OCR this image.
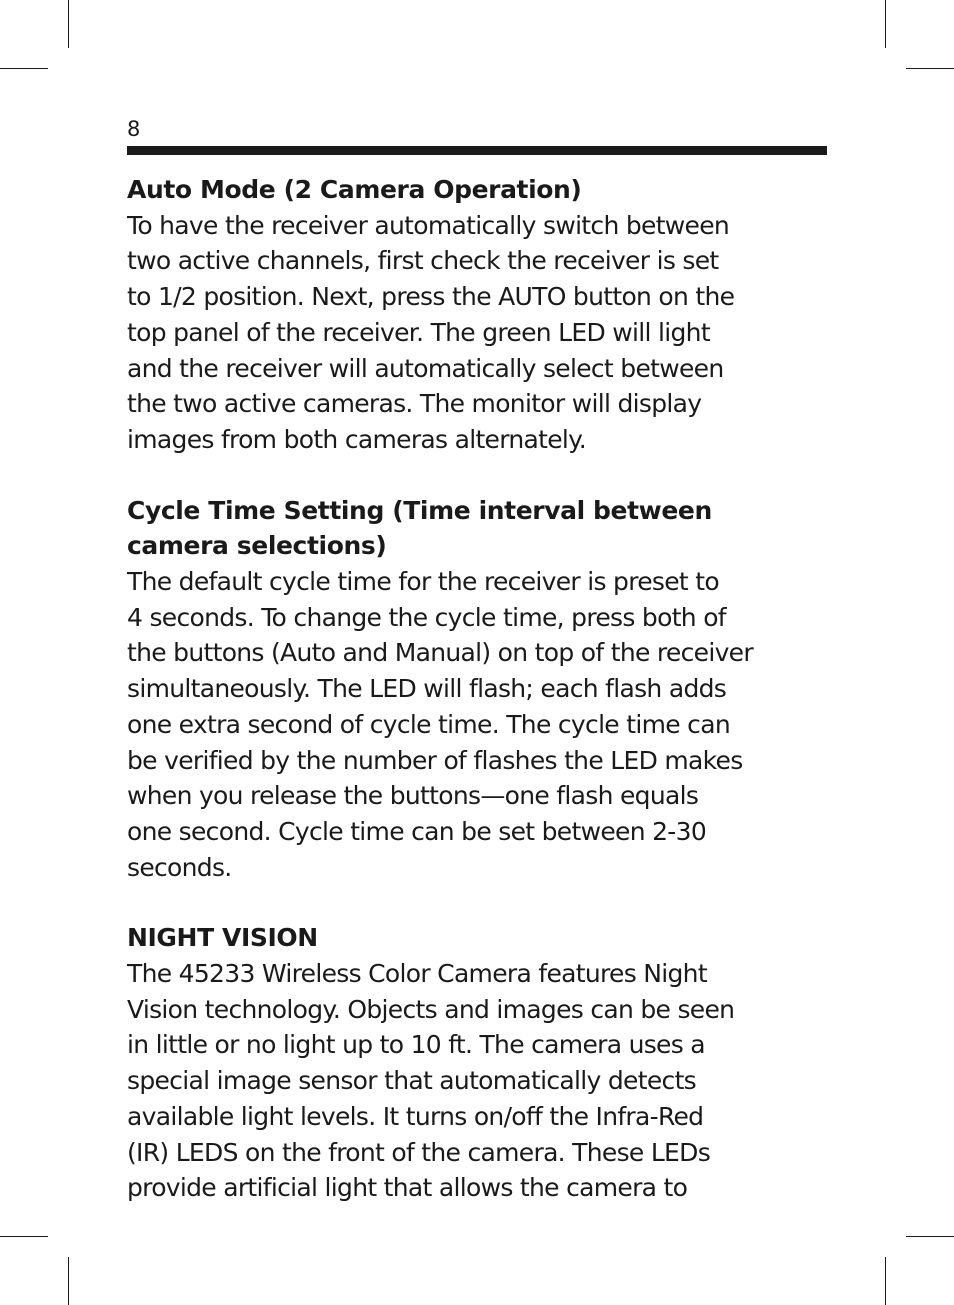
8
Auto Mode (2 Camera Operation)

To have the receiver automatically switch between
two active channels, first check the receiver is set
to 1/2 position. Next, press the AUTO button on the
top panel of the receiver. The green LED will light
and the receiver will automatically select between
the two active cameras. The monitor will display
images from both cameras alternately.

Cycle Time Setting (Time interval between
camera selections)

The default cycle time for the receiver is preset to
4 seconds. To change the cycle time, press both of
the buttons (Auto and Manual) on top of the receiver
simultaneously. The LED will flash; each flash adds
one extra second of cycle time. The cycle time can
be verified by the number of flashes the LED makes
when you release the buttons—one flash equals
one second. Cycle time can be set between 2-30
seconds.

NIGHT VISION

The 45233 Wireless Color Camera features Night
Vision technology. Objects and images can be seen
in little or no light up to 10 ft. The camera uses a
special image sensor that automatically detects
available light levels. It turns on/off the Infra-Red
(IR) LEDS on the front of the camera. These LEDs
provide artificial light that allows the camera to
